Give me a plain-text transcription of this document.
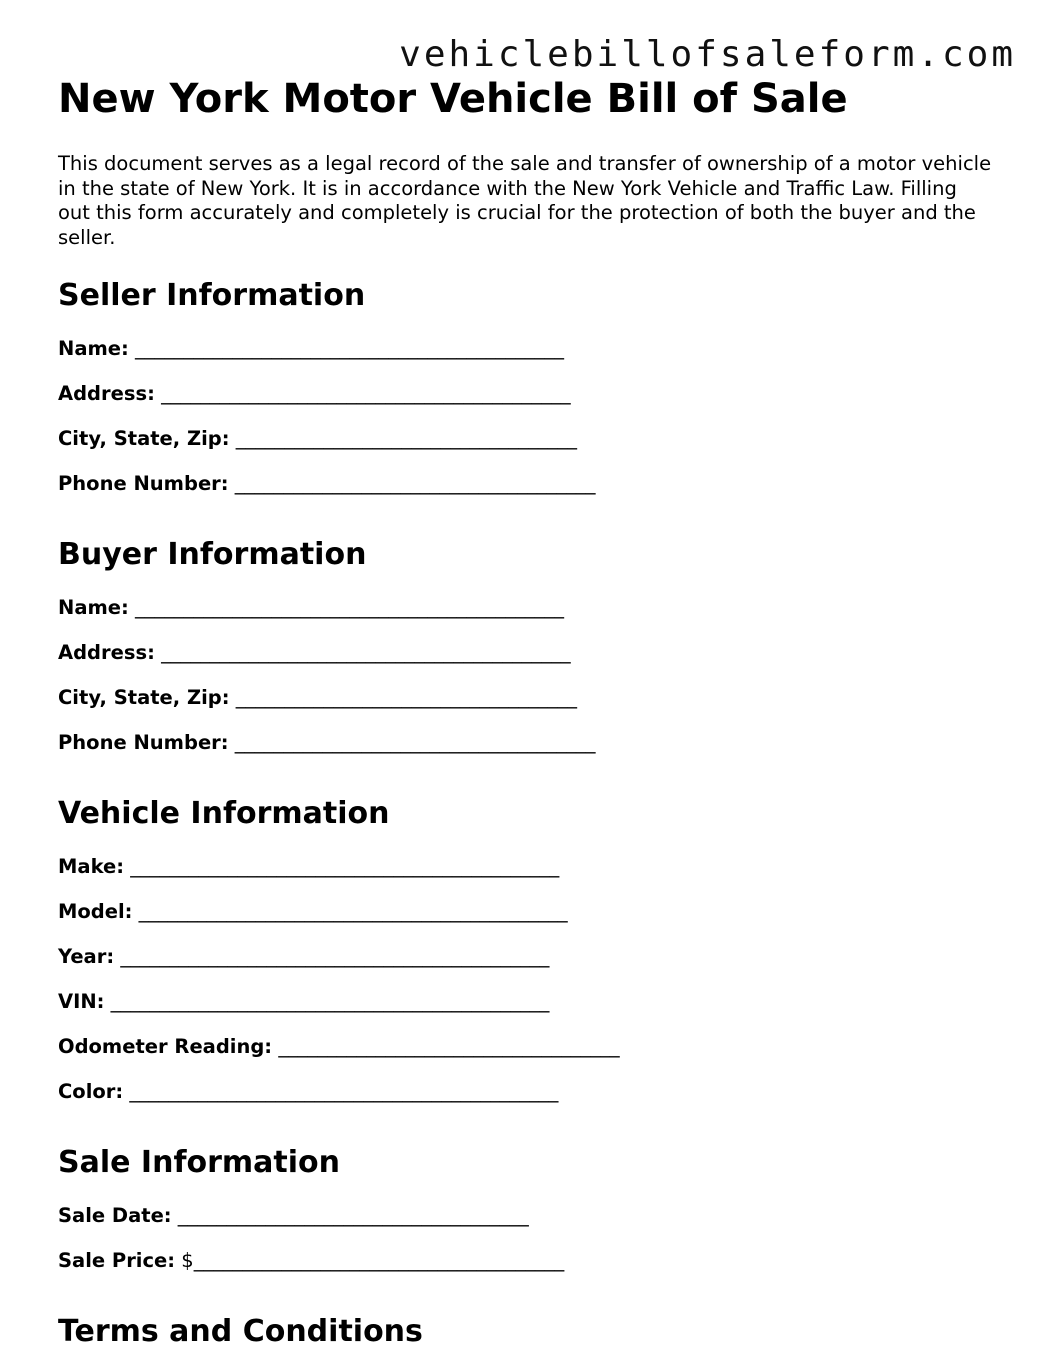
vehiclebillofsaleform.com
New York Motor Vehicle Bill of Sale

This document serves as a legal record of the sale and transfer of ownership of a motor vehicle in the state of New York. It is in accordance with the New York Vehicle and Traffic Law. Filling out this form accurately and completely is crucial for the protection of both the buyer and the seller.

Seller Information
Name: ____________________________________________
Address: __________________________________________
City, State, Zip: ___________________________________
Phone Number: _____________________________________
Buyer Information
Name: ____________________________________________
Address: __________________________________________
City, State, Zip: ___________________________________
Phone Number: _____________________________________
Vehicle Information
Make: ____________________________________________
Model: ____________________________________________
Year: ____________________________________________
VIN: _____________________________________________
Odometer Reading: ___________________________________
Color: ____________________________________________
Sale Information
Sale Date: ____________________________________
Sale Price: $______________________________________
Terms and Conditions
